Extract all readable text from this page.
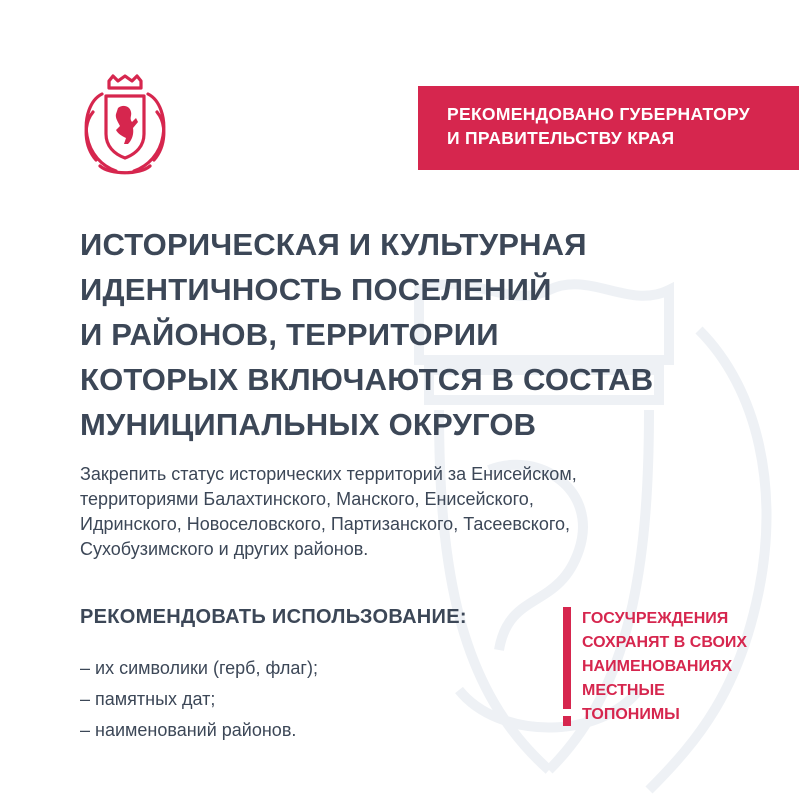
РЕКОМЕНДОВАНО ГУБЕРНАТОРУ
И ПРАВИТЕЛЬСТВУ КРАЯ
ИСТОРИЧЕСКАЯ И КУЛЬТУРНАЯ
ИДЕНТИЧНОСТЬ ПОСЕЛЕНИЙ
И РАЙОНОВ, ТЕРРИТОРИИ
КОТОРЫХ ВКЛЮЧАЮТСЯ В СОСТАВ
МУНИЦИПАЛЬНЫХ ОКРУГОВ

Закрепить статус исторических территорий за Енисейском,
территориями Балахтинского, Манского, Енисейского,
Идринского, Новоселовского, Партизанского, Тасеевского,
Сухобузимского и других районов.

РЕКОМЕНДОВАТЬ ИСПОЛЬЗОВАНИЕ:
– их символики (герб, флаг);
– памятных дат;
– наименований районов.

ГОСУЧРЕЖДЕНИЯ
СОХРАНЯТ В СВОИХ
НАИМЕНОВАНИЯХ
МЕСТНЫЕ
ТОПОНИМЫ
